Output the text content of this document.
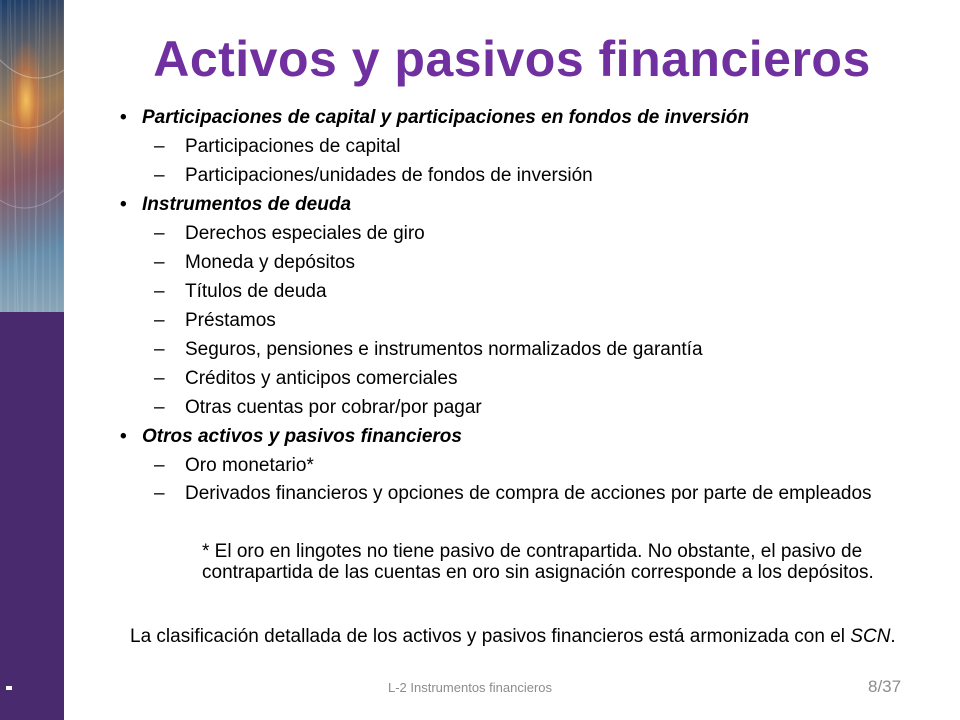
Activos y pasivos financieros
• Participaciones de capital y participaciones en fondos de inversión
– Participaciones de capital
– Participaciones/unidades de fondos de inversión
• Instrumentos de deuda
– Derechos especiales de giro
– Moneda y depósitos
– Títulos de deuda
– Préstamos
– Seguros, pensiones e instrumentos normalizados de garantía
– Créditos y anticipos comerciales
– Otras cuentas por cobrar/por pagar
• Otros activos y pasivos financieros
– Oro monetario*
– Derivados financieros y opciones de compra de acciones por parte de empleados
* El oro en lingotes no tiene pasivo de contrapartida. No obstante, el pasivo de contrapartida de las cuentas en oro sin asignación corresponde a los depósitos.
La clasificación detallada de los activos y pasivos financieros está armonizada con el SCN.
L-2 Instrumentos financieros	8/37
